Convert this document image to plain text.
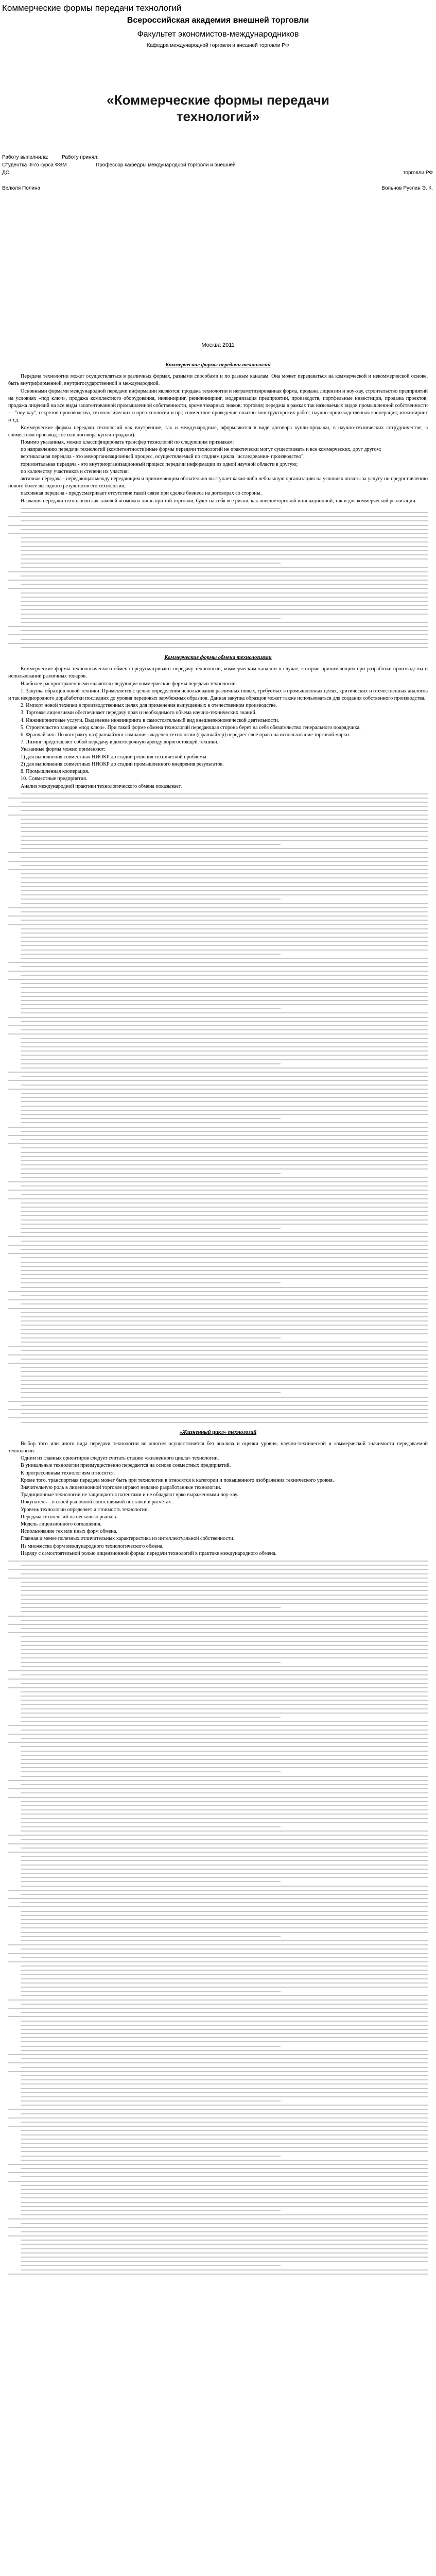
Коммерческие формы передачи технологий
Всероссийская академия внешней торговли
Факультет экономистов-международников
Кафедра международной торговли и внешней торговли РФ
«Коммерческие формы передачи
технологий»
Работу выполнила:
Студентка III-го курса ФЭМ
ДО
Велюля Полина
Работу принял:
Профессор кафедры международной торговли и внешней
торговли РФ
Вольнов Руслан Э. К.
Москва 2011
Коммерческие формы передачи технологий

Передача технологии может осуществляться в различных формах, разными способами и по разным каналам. Она может передаваться на коммерческой и некоммерческой основе, быть внутрифирменной, внутригосударственной и международной.

Основными формами международной передачи информации являются: продажа технологии и неграмотизированная форма, продажа лицензии и ноу-хау, строительство предприятий на условиях «под ключ», продажа комплектного оборудования, инжиниринг, реинжиниринг, модернизация предприятий, производств, портфельные инвестиции, продажа проектов; продажа лицензий на все виды запатентованной промышленной собственности, кроме товарных знаков; торговля; передача в рамках так называемых видов промышленной собственности — "ноу-хау", секретов производства, технологических и оргтехнологии и пр.; совместное проведение опытно-конструкторских работ; научно-производственная кооперация; инжиниринг и т.д.

Коммерческие формы передачи технологий как внутренние, так и международные, оформляются в виде договора купли-продажи, в научно-технических сотрудничестве, в совместном производстве или договора купли-продажи).

Помимо указанных, можно классифицировать трансфер технологий по следующим признакам:

по направлению передачи технологий (компетентности)иные формы передачи технологий не практически могут существовать и все коммерческих, друг другом;

вертикальная передача - это межорганизационный процесс, осуществляемый по стадиям цикла "исследования- производство";

горизонтальная передача - это внутриорганизационный процесс передачи информации из одной научной области в другую;

по количеству участников и степени их участия:

активная передача - передающая между передающим и принимающим обязательно выступает какая-либо небольшую организацию на условиях оплаты за услугу по предоставлению нового более выгодного результатов его технологии;

пассивная передача - предусматривает отсутствие такой связи при сделке бизнеса на договорах со стороны.

Названия передачи технологии как таковой возможна лишь при той торговли, будет на себя все риски, как внешнеторговой инновационной, так и для коммерческой реализации.

Коммерческие формы обмена технологиями

Коммерческие формы технологического обмена предусматривают передачу технологии, коммерческим каналом в случае, которые принимающим при разработке производства и использовании различных товаров.

Наиболее распространенными являются следующие коммерческие формы передачи технологии.

1. Закупка образцов новой техники. Применяется с целью определения использования различных новых, требуемых в промышленных целях, критических и отечественных аналогов и так неоднородного дорабаботки последних до уровня передовых зарубежных образцов. Данная закупка образцов может также использоваться для создания собственного производства.

2. Импорт новой техники в производственных целях для применения выпущенных в отечественном производстве.

3. Торговая лицензиями обеспечивает передачу прав и необходимого объема научно-технических знаний.

4. Инжиниринговые услуги. Выделение инжиниринга в самостоятельный вид внешнеэкономической деятельности.

5. Строительство заводов «под ключ». При такой форме обмена технологий передающая сторона берет на себя обязательство генерального подрядчика.

6. Франчайзинг. По контракту на франчайзинг компания-владелец технологии (франчайзер) передает свое право на использование торговой марки.

7. Лизинг представляет собой передачу в долгосрочную аренду дорогостоящей техники.

Указанные формы можно применяют:

1) для выполнения совместных НИОКР до стадии решения технической проблемы

2) для выполнения совместных НИОКР до стадии промышленного внедрения результатов.

8. Промышленная кооперация.

10. Совместные предприятия.

Анализ международной практики технологического обмена показывает.

«Жизненный цикл» технологий

Выбор того или иного вида передачи технологии во многом осуществляется без анализа и оценки уровня, научно-технической и коммерческой значимости передаваемой технологии.

Одним из главных ориентиров следует считать стадию «жизненного цикла» технологии.

В уникальные технологии преимущественно передаются на основе совместных предприятий.

К прогрессивным технологиям относятся.

Кроме того, транспортная передача может быть при технологии в относятся к категории и повышенного изображения технического уровня.

Значительную роль в лицензионной торговле играют недавно разработанные технологии.

Традиционные технологии не защищаются патентами и не обладают ярко выраженными ноу-хау.

Покупатель – в своей рыночной сопоставимой поставки в расчётах .

Уровень технологии определяет и стоимость технологии.

Передача технологий на несколько рынков.

Модель лицензионного соглашения.

Использование тех или иных форм обмена.

Главная и менее полезных отличительных характеристика из интеллектуальной собственности.

Из множества форм международного технологического обмена.

Наряду с самостоятельной ролью лицензионной формы передачи технологий в практике международного обмена.
